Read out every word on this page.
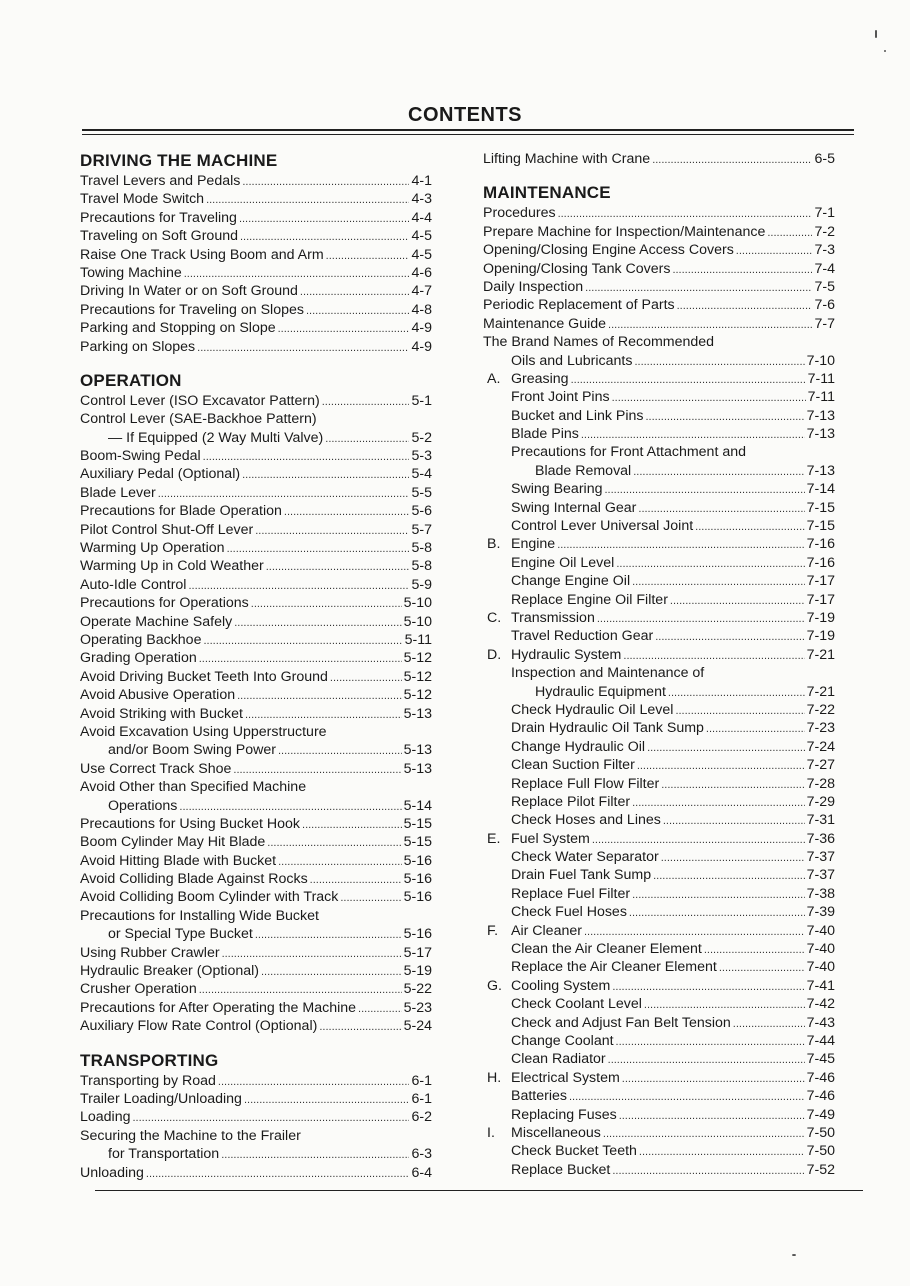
CONTENTS
DRIVING THE MACHINE
Travel Levers and Pedals .....	4-1
Travel Mode Switch .....	4-3
Precautions for Traveling .....	4-4
Traveling on Soft Ground .....	4-5
Raise One Track Using Boom and Arm .....	4-5
Towing Machine .....	4-6
Driving In Water or on Soft Ground .....	4-7
Precautions for Traveling on Slopes .....	4-8
Parking and Stopping on Slope .....	4-9
Parking on Slopes .....	4-9
OPERATION
Control Lever (ISO Excavator Pattern) .....	5-1
Control Lever (SAE-Backhoe Pattern)
— If Equipped (2 Way Multi Valve) .....	5-2
Boom-Swing Pedal .....	5-3
Auxiliary Pedal (Optional) .....	5-4
Blade Lever .....	5-5
Precautions for Blade Operation .....	5-6
Pilot Control Shut-Off Lever .....	5-7
Warming Up Operation .....	5-8
Warming Up in Cold Weather .....	5-8
Auto-Idle Control .....	5-9
Precautions for Operations .....	5-10
Operate Machine Safely .....	5-10
Operating Backhoe .....	5-11
Grading Operation .....	5-12
Avoid Driving Bucket Teeth Into Ground .....	5-12
Avoid Abusive Operation .....	5-12
Avoid Striking with Bucket .....	5-13
Avoid Excavation Using Upperstructure
and/or Boom Swing Power .....	5-13
Use Correct Track Shoe .....	5-13
Avoid Other than Specified Machine
Operations .....	5-14
Precautions for Using Bucket Hook .....	5-15
Boom Cylinder May Hit Blade .....	5-15
Avoid Hitting Blade with Bucket .....	5-16
Avoid Colliding Blade Against Rocks .....	5-16
Avoid Colliding Boom Cylinder with Track .....	5-16
Precautions for Installing Wide Bucket
or Special Type Bucket .....	5-16
Using Rubber Crawler .....	5-17
Hydraulic Breaker (Optional) .....	5-19
Crusher Operation .....	5-22
Precautions for After Operating the Machine .....	5-23
Auxiliary Flow Rate Control (Optional) .....	5-24
TRANSPORTING
Transporting by Road .....	6-1
Trailer Loading/Unloading .....	6-1
Loading .....	6-2
Securing the Machine to the Frailer
for Transportation .....	6-3
Unloading .....	6-4
Lifting Machine with Crane .....	6-5
MAINTENANCE
Procedures .....	7-1
Prepare Machine for Inspection/Maintenance .....	7-2
Opening/Closing Engine Access Covers .....	7-3
Opening/Closing Tank Covers .....	7-4
Daily Inspection .....	7-5
Periodic Replacement of Parts .....	7-6
Maintenance Guide .....	7-7
The Brand Names of Recommended
Oils and Lubricants .....	7-10
A. Greasing .....	7-11
Front Joint Pins .....	7-11
Bucket and Link Pins .....	7-13
Blade Pins .....	7-13
Precautions for Front Attachment and
Blade Removal .....	7-13
Swing Bearing .....	7-14
Swing Internal Gear .....	7-15
Control Lever Universal Joint .....	7-15
B. Engine .....	7-16
Engine Oil Level .....	7-16
Change Engine Oil .....	7-17
Replace Engine Oil Filter .....	7-17
C. Transmission .....	7-19
Travel Reduction Gear .....	7-19
D. Hydraulic System .....	7-21
Inspection and Maintenance of
Hydraulic Equipment .....	7-21
Check Hydraulic Oil Level .....	7-22
Drain Hydraulic Oil Tank Sump .....	7-23
Change Hydraulic Oil .....	7-24
Clean Suction Filter .....	7-27
Replace Full Flow Filter .....	7-28
Replace Pilot Filter .....	7-29
Check Hoses and Lines .....	7-31
E. Fuel System .....	7-36
Check Water Separator .....	7-37
Drain Fuel Tank Sump .....	7-37
Replace Fuel Filter .....	7-38
Check Fuel Hoses .....	7-39
F. Air Cleaner .....	7-40
Clean the Air Cleaner Element .....	7-40
Replace the Air Cleaner Element .....	7-40
G. Cooling System .....	7-41
Check Coolant Level .....	7-42
Check and Adjust Fan Belt Tension .....	7-43
Change Coolant .....	7-44
Clean Radiator .....	7-45
H. Electrical System .....	7-46
Batteries .....	7-46
Replacing Fuses .....	7-49
I.	Miscellaneous .....	7-50
Check Bucket Teeth .....	7-50
Replace Bucket .....	7-52
